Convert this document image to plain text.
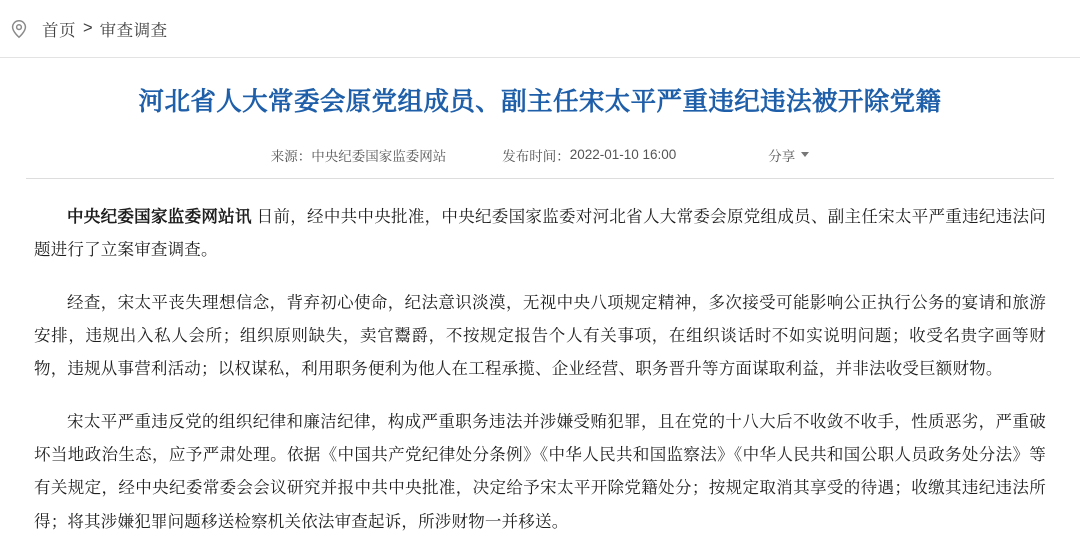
首页 > 审查调查
河北省人大常委会原党组成员、副主任宋太平严重违纪违法被开除党籍
来源： 中央纪委国家监委网站	发布时间： 2022-01-10 16:00	分享

中央纪委国家监委网站讯 日前，经中共中央批准，中央纪委国家监委对河北省人大常委会原党组成员、副主任宋太平严重违纪违法问题进行了立案审查调查。

经查，宋太平丧失理想信念，背弃初心使命，纪法意识淡漠，无视中央八项规定精神，多次接受可能影响公正执行公务的宴请和旅游安排，违规出入私人会所；组织原则缺失，卖官鬻爵，不按规定报告个人有关事项，在组织谈话时不如实说明问题；收受名贵字画等财物，违规从事营利活动；以权谋私，利用职务便利为他人在工程承揽、企业经营、职务晋升等方面谋取利益，并非法收受巨额财物。

宋太平严重违反党的组织纪律和廉洁纪律，构成严重职务违法并涉嫌受贿犯罪，且在党的十八大后不收敛不收手，性质恶劣，严重破坏当地政治生态，应予严肃处理。依据《中国共产党纪律处分条例》《中华人民共和国监察法》《中华人民共和国公职人员政务处分法》等有关规定，经中央纪委常委会会议研究并报中共中央批准，决定给予宋太平开除党籍处分；按规定取消其享受的待遇；收缴其违纪违法所得；将其涉嫌犯罪问题移送检察机关依法审查起诉，所涉财物一并移送。
